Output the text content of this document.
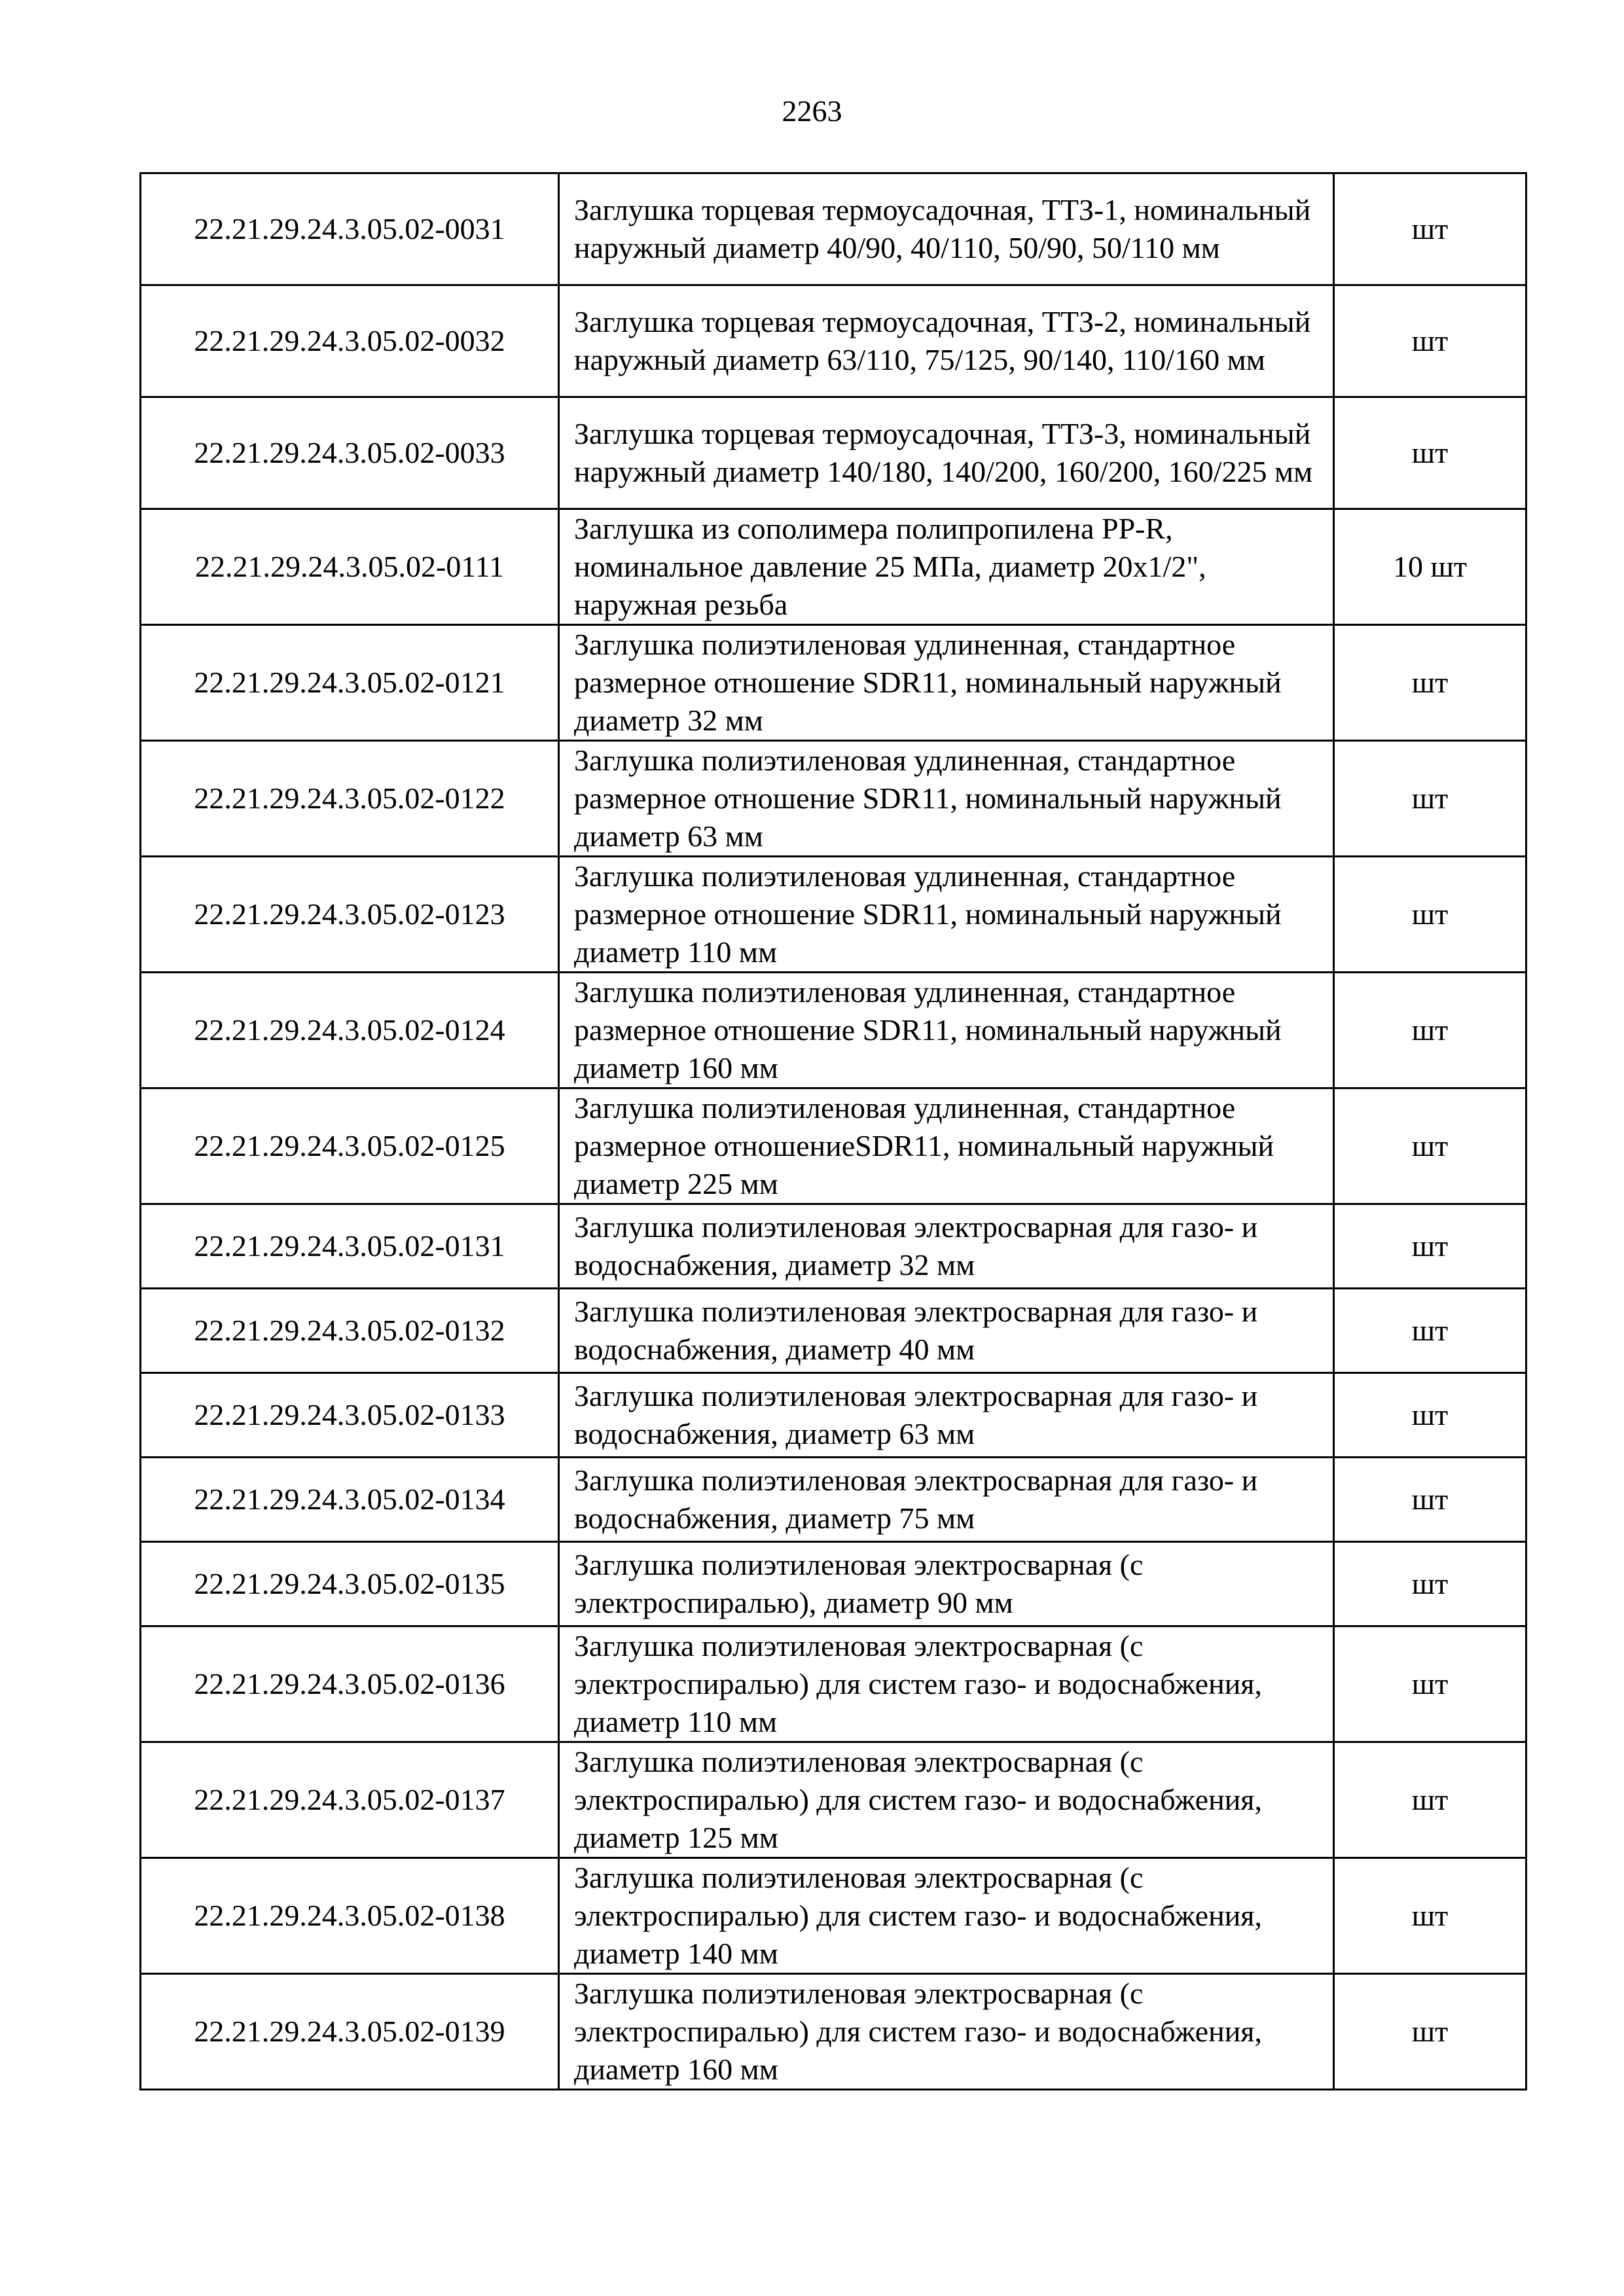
2263
22.21.29.24.3.05.02-0031	Заглушка торцевая термоусадочная, ТТЗ-1, номинальный наружный диаметр 40/90, 40/110, 50/90, 50/110 мм	шт
22.21.29.24.3.05.02-0032	Заглушка торцевая термоусадочная, ТТЗ-2, номинальный наружный диаметр 63/110, 75/125, 90/140, 110/160 мм	шт
22.21.29.24.3.05.02-0033	Заглушка торцевая термоусадочная, ТТЗ-3, номинальный наружный диаметр 140/180, 140/200, 160/200, 160/225 мм	шт
22.21.29.24.3.05.02-0111	Заглушка из сополимера полипропилена PP-R, номинальное давление 25 МПа, диаметр 20х1/2", наружная резьба	10 шт
22.21.29.24.3.05.02-0121	Заглушка полиэтиленовая удлиненная, стандартное размерное отношение SDR11, номинальный наружный диаметр 32 мм	шт
22.21.29.24.3.05.02-0122	Заглушка полиэтиленовая удлиненная, стандартное размерное отношение SDR11, номинальный наружный диаметр 63 мм	шт
22.21.29.24.3.05.02-0123	Заглушка полиэтиленовая удлиненная, стандартное размерное отношение SDR11, номинальный наружный диаметр 110 мм	шт
22.21.29.24.3.05.02-0124	Заглушка полиэтиленовая удлиненная, стандартное размерное отношение SDR11, номинальный наружный диаметр 160 мм	шт
22.21.29.24.3.05.02-0125	Заглушка полиэтиленовая удлиненная, стандартное размерное отношениеSDR11, номинальный наружный диаметр 225 мм	шт
22.21.29.24.3.05.02-0131	Заглушка полиэтиленовая электросварная для газо- и водоснабжения, диаметр 32 мм	шт
22.21.29.24.3.05.02-0132	Заглушка полиэтиленовая электросварная для газо- и водоснабжения, диаметр 40 мм	шт
22.21.29.24.3.05.02-0133	Заглушка полиэтиленовая электросварная для газо- и водоснабжения, диаметр 63 мм	шт
22.21.29.24.3.05.02-0134	Заглушка полиэтиленовая электросварная для газо- и водоснабжения, диаметр 75 мм	шт
22.21.29.24.3.05.02-0135	Заглушка полиэтиленовая электросварная (с электроспиралью), диаметр 90 мм	шт
22.21.29.24.3.05.02-0136	Заглушка полиэтиленовая электросварная (с электроспиралью) для систем газо- и водоснабжения, диаметр 110 мм	шт
22.21.29.24.3.05.02-0137	Заглушка полиэтиленовая электросварная (с электроспиралью) для систем газо- и водоснабжения, диаметр 125 мм	шт
22.21.29.24.3.05.02-0138	Заглушка полиэтиленовая электросварная (с электроспиралью) для систем газо- и водоснабжения, диаметр 140 мм	шт
22.21.29.24.3.05.02-0139	Заглушка полиэтиленовая электросварная (с электроспиралью) для систем газо- и водоснабжения, диаметр 160 мм	шт
